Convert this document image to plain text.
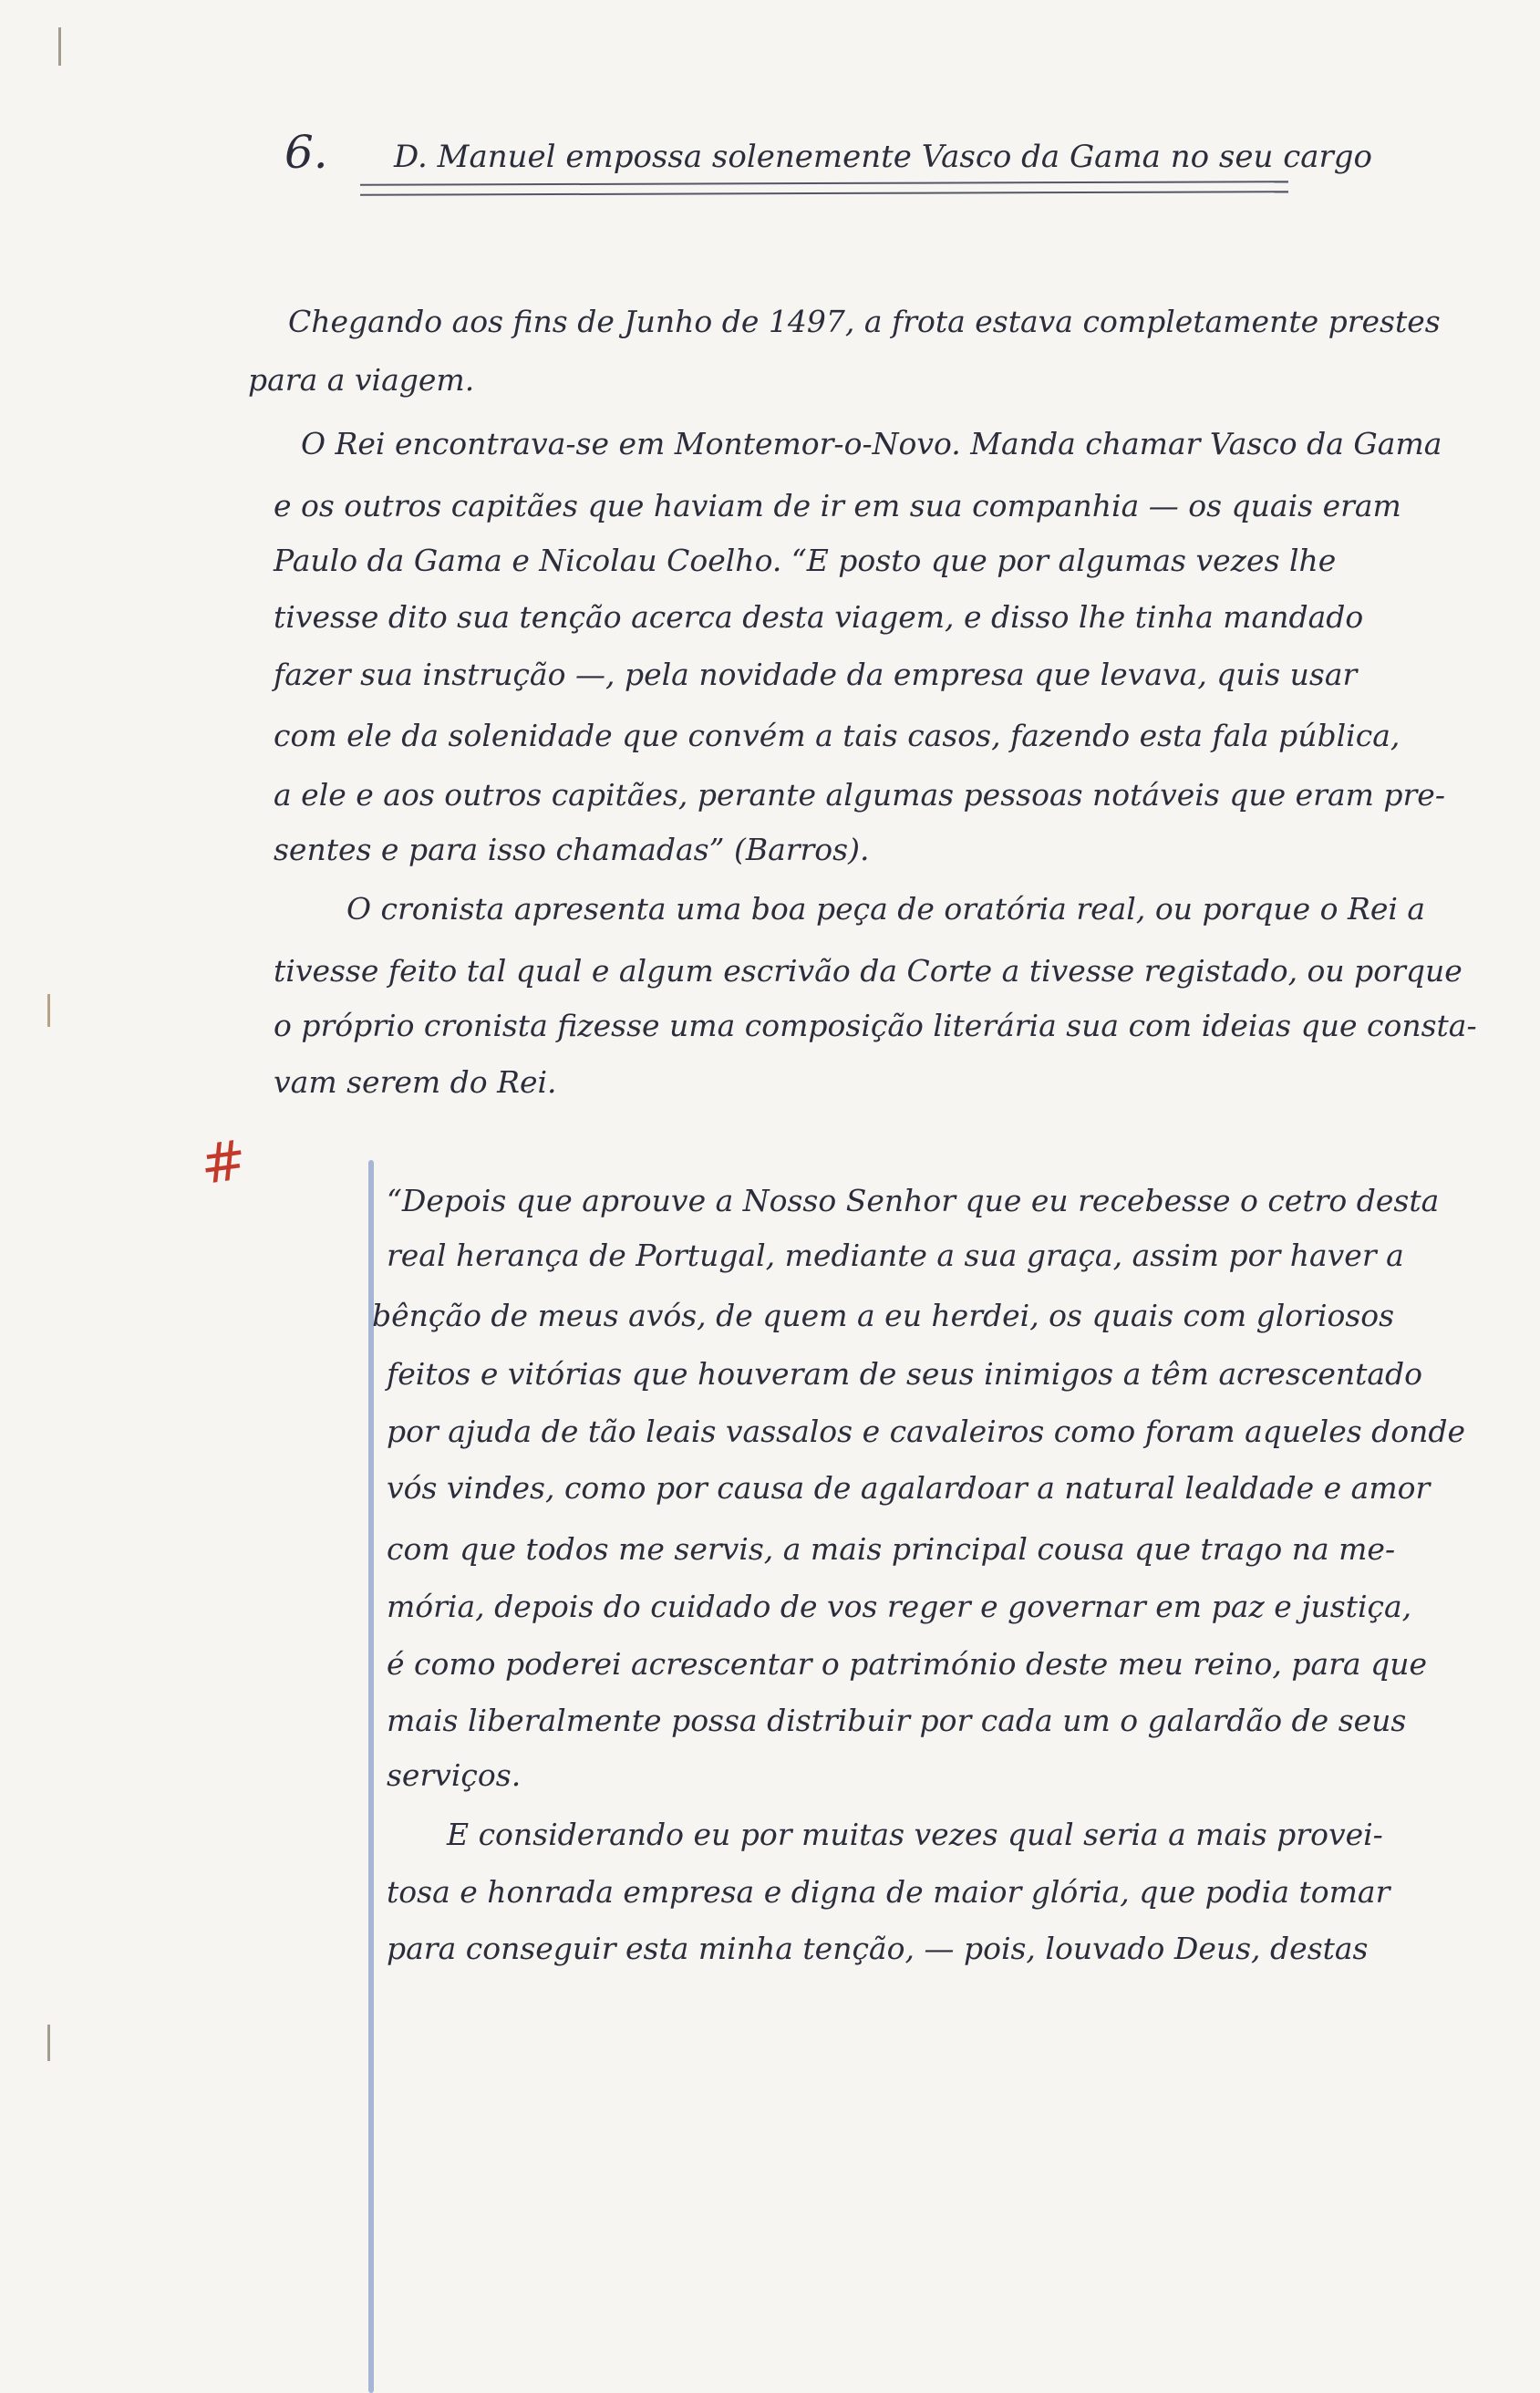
6. D. Manuel empossa solenemente Vasco da Gama no seu cargo
Chegando aos fins de Junho de 1497, a frota estava completamente prestes
para a viagem.
O Rei encontrava-se em Montemor-o-Novo. Manda chamar Vasco da Gama
e os outros capitães que haviam de ir em sua companhia — os quais eram
Paulo da Gama e Nicolau Coelho. “E posto que por algumas vezes lhe
tivesse dito sua tenção acerca desta viagem, e disso lhe tinha mandado
fazer sua instrução —, pela novidade da empresa que levava, quis usar
com ele da solenidade que convém a tais casos, fazendo esta fala pública,
a ele e aos outros capitães, perante algumas pessoas notáveis que eram pre-
sentes e para isso chamadas” (Barros).
O cronista apresenta uma boa peça de oratória real, ou porque o Rei a
tivesse feito tal qual e algum escrivão da Corte a tivesse registado, ou porque
o próprio cronista fizesse uma composição literária sua com ideias que consta-
vam serem do Rei.
#
“Depois que aprouve a Nosso Senhor que eu recebesse o cetro desta
real herança de Portugal, mediante a sua graça, assim por haver a
bênção de meus avós, de quem a eu herdei, os quais com gloriosos
feitos e vitórias que houveram de seus inimigos a têm acrescentado
por ajuda de tão leais vassalos e cavaleiros como foram aqueles donde
vós vindes, como por causa de agalardoar a natural lealdade e amor
com que todos me servis, a mais principal cousa que trago na me-
mória, depois do cuidado de vos reger e governar em paz e justiça,
é como poderei acrescentar o património deste meu reino, para que
mais liberalmente possa distribuir por cada um o galardão de seus
serviços.
E considerando eu por muitas vezes qual seria a mais provei-
tosa e honrada empresa e digna de maior glória, que podia tomar
para conseguir esta minha tenção, — pois, louvado Deus, destas
